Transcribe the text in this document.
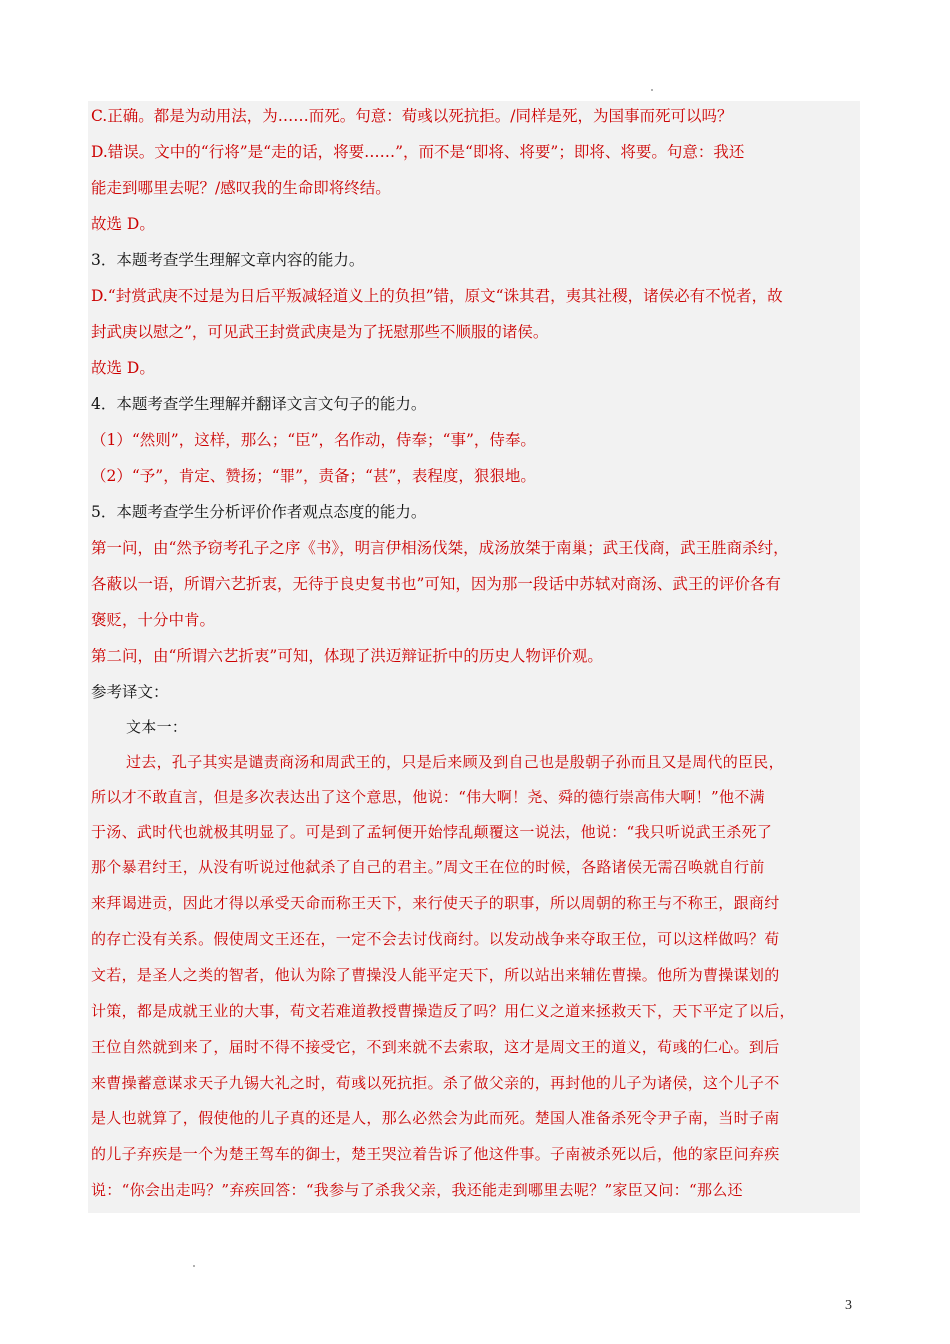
C.正确。都是为动用法，为……而死。句意：荀彧以死抗拒。/同样是死，为国事而死可以吗？
D.错误。文中的“行将”是“走的话，将要……”，而不是“即将、将要”；即将、将要。句意：我还
能走到哪里去呢？/感叹我的生命即将终结。
故选 D。
3．本题考查学生理解文章内容的能力。
D.“封赏武庚不过是为日后平叛减轻道义上的负担”错，原文“诛其君，夷其社稷，诸侯必有不悦者，故
封武庚以慰之”，可见武王封赏武庚是为了抚慰那些不顺服的诸侯。
故选 D。
4．本题考查学生理解并翻译文言文句子的能力。
（1）“然则”，这样，那么；“臣”，名作动，侍奉；“事”，侍奉。
（2）“予”，肯定、赞扬；“罪”，责备；“甚”，表程度，狠狠地。
5．本题考查学生分析评价作者观点态度的能力。
第一问，由“然予窃考孔子之序《书》，明言伊相汤伐桀，成汤放桀于南巢；武王伐商，武王胜商杀纣，
各蔽以一语，所谓六艺折衷，无待于良史复书也”可知，因为那一段话中苏轼对商汤、武王的评价各有
褒贬，十分中肯。
第二问，由“所谓六艺折衷”可知，体现了洪迈辩证折中的历史人物评价观。
参考译文：
文本一：
过去，孔子其实是谴责商汤和周武王的，只是后来顾及到自己也是殷朝子孙而且又是周代的臣民，
所以才不敢直言，但是多次表达出了这个意思，他说：“伟大啊！尧、舜的德行崇高伟大啊！”他不满
于汤、武时代也就极其明显了。可是到了孟轲便开始悖乱颠覆这一说法，他说：“我只听说武王杀死了
那个暴君纣王，从没有听说过他弑杀了自己的君主。”周文王在位的时候，各路诸侯无需召唤就自行前
来拜谒进贡，因此才得以承受天命而称王天下，来行使天子的职事，所以周朝的称王与不称王，跟商纣
的存亡没有关系。假使周文王还在，一定不会去讨伐商纣。以发动战争来夺取王位，可以这样做吗？荀
文若，是圣人之类的智者，他认为除了曹操没人能平定天下，所以站出来辅佐曹操。他所为曹操谋划的
计策，都是成就王业的大事，荀文若难道教授曹操造反了吗？用仁义之道来拯救天下，天下平定了以后，
王位自然就到来了，届时不得不接受它，不到来就不去索取，这才是周文王的道义，荀彧的仁心。到后
来曹操蓄意谋求天子九锡大礼之时，荀彧以死抗拒。杀了做父亲的，再封他的儿子为诸侯，这个儿子不
是人也就算了，假使他的儿子真的还是人，那么必然会为此而死。楚国人准备杀死令尹子南，当时子南
的儿子弃疾是一个为楚王驾车的御士，楚王哭泣着告诉了他这件事。子南被杀死以后，他的家臣问弃疾
说：“你会出走吗？”弃疾回答：“我参与了杀我父亲，我还能走到哪里去呢？”家臣又问：“那么还
3
